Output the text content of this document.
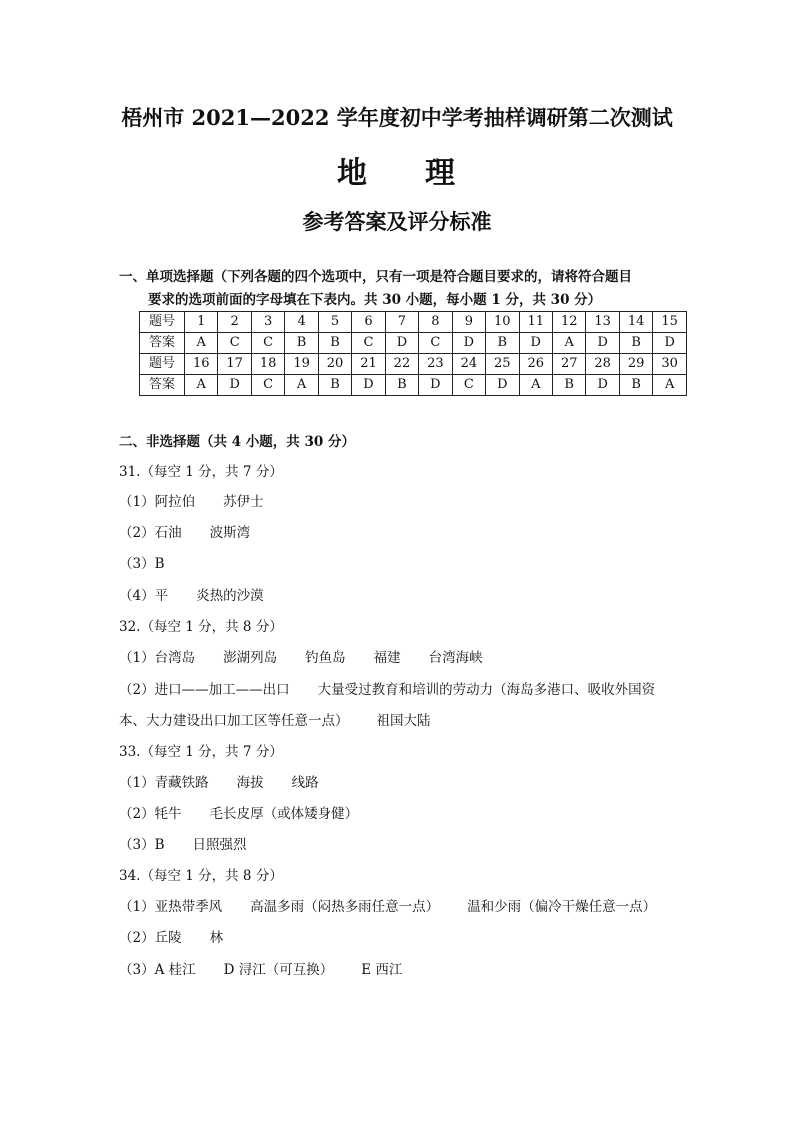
梧州市 2021—2022 学年度初中学考抽样调研第二次测试
地 理
参考答案及评分标准
一、单项选择题（下列各题的四个选项中，只有一项是符合题目要求的，请将符合题目
要求的选项前面的字母填在下表内。共 30 小题，每小题 1 分，共 30 分）
题号	1	2	3	4	5	6	7	8	9	10	11	12	13	14	15
答案	A	C	C	B	B	C	D	C	D	B	D	A	D	B	D
题号	16	17	18	19	20	21	22	23	24	25	26	27	28	29	30
答案	A	D	C	A	B	D	B	D	C	D	A	B	D	B	A
二、非选择题（共 4 小题，共 30 分）
31.（每空 1 分，共 7 分）
（1）阿拉伯 苏伊士
（2）石油 波斯湾
（3）B
（4）平 炎热的沙漠
32.（每空 1 分，共 8 分）
（1）台湾岛 澎湖列岛 钓鱼岛 福建 台湾海峡
（2）进口——加工——出口 大量受过教育和培训的劳动力（海岛多港口、吸收外国资
本、大力建设出口加工区等任意一点） 祖国大陆
33.（每空 1 分，共 7 分）
（1）青藏铁路 海拔 线路
（2）牦牛 毛长皮厚（或体矮身健）
（3）B 日照强烈
34.（每空 1 分，共 8 分）
（1）亚热带季风 高温多雨（闷热多雨任意一点） 温和少雨（偏冷干燥任意一点）
（2）丘陵 林
（3）A 桂江 D 浔江（可互换） E 西江
